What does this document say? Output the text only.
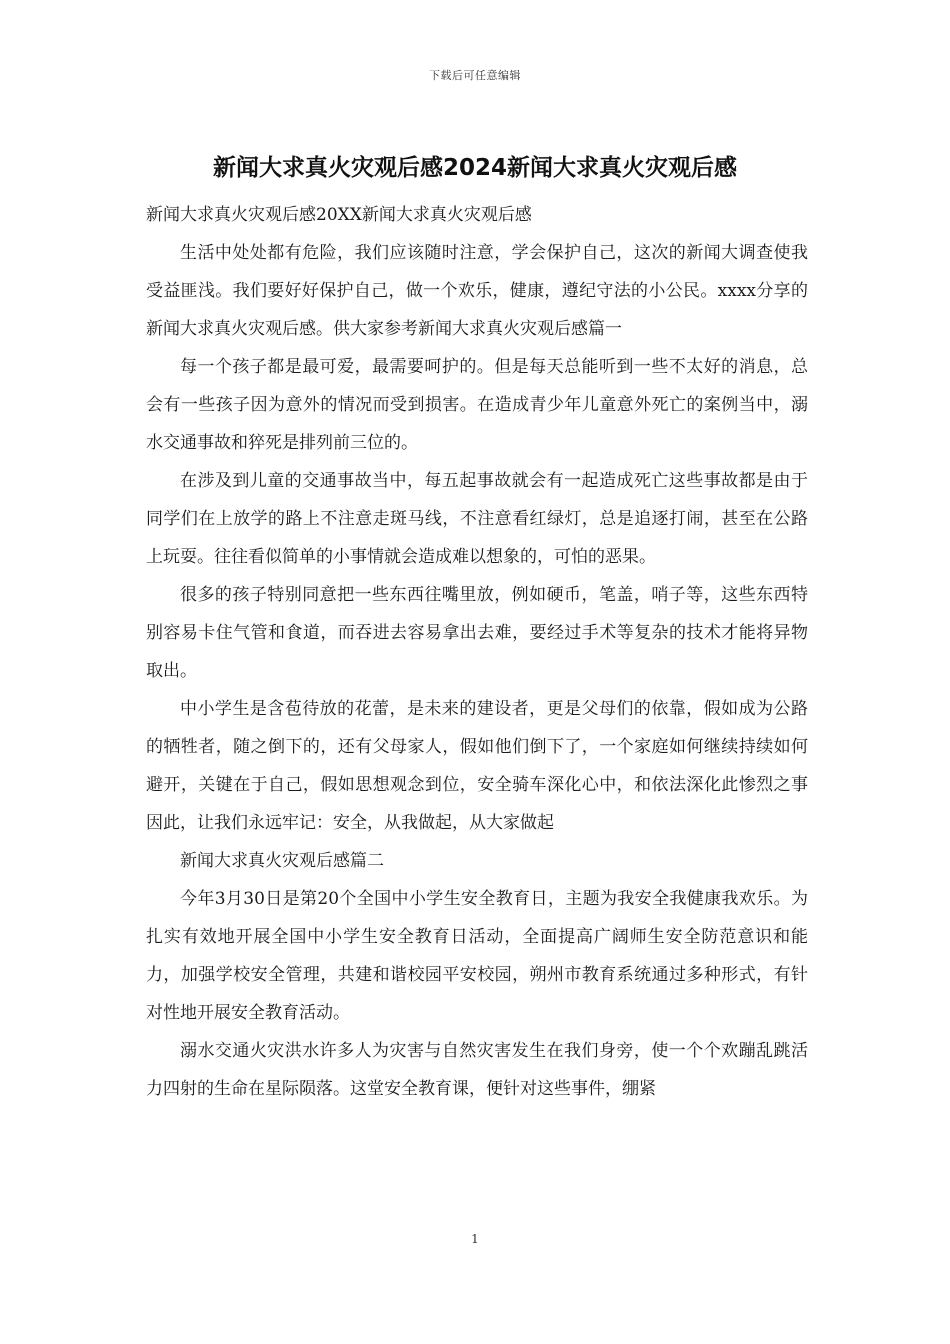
下载后可任意编辑
新闻大求真火灾观后感2024新闻大求真火灾观后感

新闻大求真火灾观后感20XX新闻大求真火灾观后感

生活中处处都有危险，我们应该随时注意，学会保护自己，这次的新闻大调查使我受益匪浅。我们要好好保护自己，做一个欢乐，健康，遵纪守法的小公民。xxxx分享的新闻大求真火灾观后感。供大家参考新闻大求真火灾观后感篇一

每一个孩子都是最可爱，最需要呵护的。但是每天总能听到一些不太好的消息，总会有一些孩子因为意外的情况而受到损害。在造成青少年儿童意外死亡的案例当中，溺水交通事故和猝死是排列前三位的。

在涉及到儿童的交通事故当中，每五起事故就会有一起造成死亡这些事故都是由于同学们在上放学的路上不注意走斑马线，不注意看红绿灯，总是追逐打闹，甚至在公路上玩耍。往往看似简单的小事情就会造成难以想象的，可怕的恶果。

很多的孩子特别同意把一些东西往嘴里放，例如硬币，笔盖，哨子等，这些东西特别容易卡住气管和食道，而吞进去容易拿出去难，要经过手术等复杂的技术才能将异物取出。

中小学生是含苞待放的花蕾，是未来的建设者，更是父母们的依靠，假如成为公路的牺牲者，随之倒下的，还有父母家人，假如他们倒下了，一个家庭如何继续持续如何避开，关键在于自己，假如思想观念到位，安全骑车深化心中，和依法深化此惨烈之事因此，让我们永远牢记：安全，从我做起，从大家做起

新闻大求真火灾观后感篇二

今年3月30日是第20个全国中小学生安全教育日，主题为我安全我健康我欢乐。为扎实有效地开展全国中小学生安全教育日活动，全面提高广阔师生安全防范意识和能力，加强学校安全管理，共建和谐校园平安校园，朔州市教育系统通过多种形式，有针对性地开展安全教育活动。

溺水交通火灾洪水许多人为灾害与自然灾害发生在我们身旁，使一个个欢蹦乱跳活力四射的生命在星际陨落。这堂安全教育课，便针对这些事件，绷紧

1
